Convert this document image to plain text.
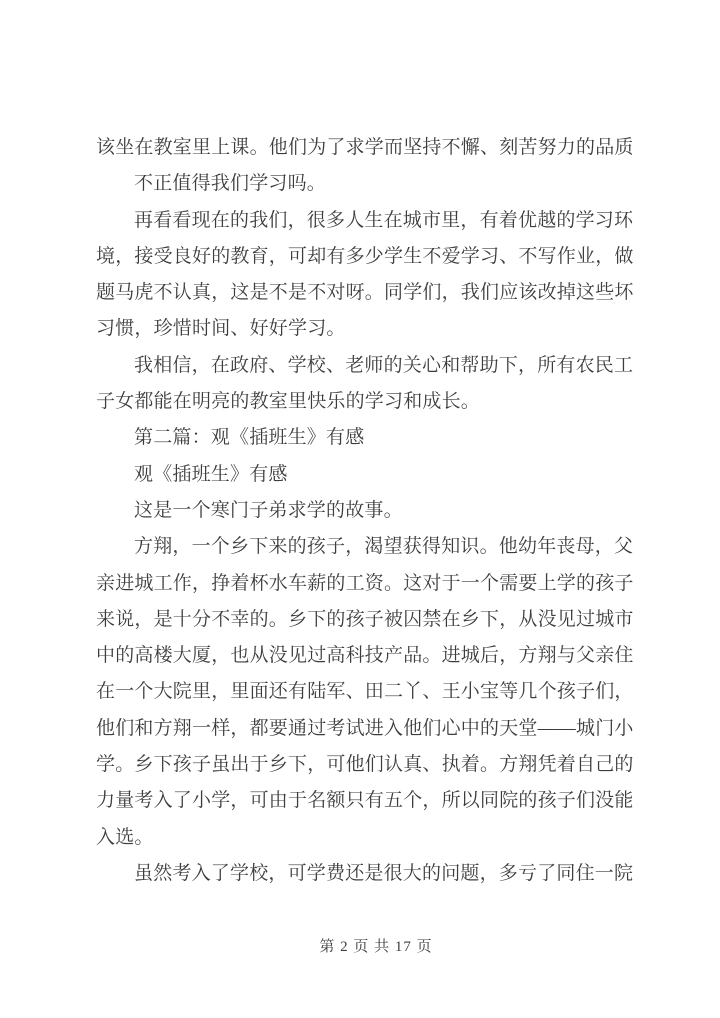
该坐在教室里上课。他们为了求学而坚持不懈、刻苦努力的品质
不正值得我们学习吗。
再看看现在的我们，很多人生在城市里，有着优越的学习环
境，接受良好的教育，可却有多少学生不爱学习、不写作业，做
题马虎不认真，这是不是不对呀。同学们，我们应该改掉这些坏
习惯，珍惜时间、好好学习。
我相信，在政府、学校、老师的关心和帮助下，所有农民工
子女都能在明亮的教室里快乐的学习和成长。
第二篇：观《插班生》有感
观《插班生》有感
这是一个寒门子弟求学的故事。
方翔，一个乡下来的孩子，渴望获得知识。他幼年丧母，父
亲进城工作，挣着杯水车薪的工资。这对于一个需要上学的孩子
来说，是十分不幸的。乡下的孩子被囚禁在乡下，从没见过城市
中的高楼大厦，也从没见过高科技产品。进城后，方翔与父亲住
在一个大院里，里面还有陆军、田二丫、王小宝等几个孩子们，
他们和方翔一样，都要通过考试进入他们心中的天堂——城门小
学。乡下孩子虽出于乡下，可他们认真、执着。方翔凭着自己的
力量考入了小学，可由于名额只有五个，所以同院的孩子们没能
入选。
虽然考入了学校，可学费还是很大的问题，多亏了同住一院
第 2 页 共 17 页
